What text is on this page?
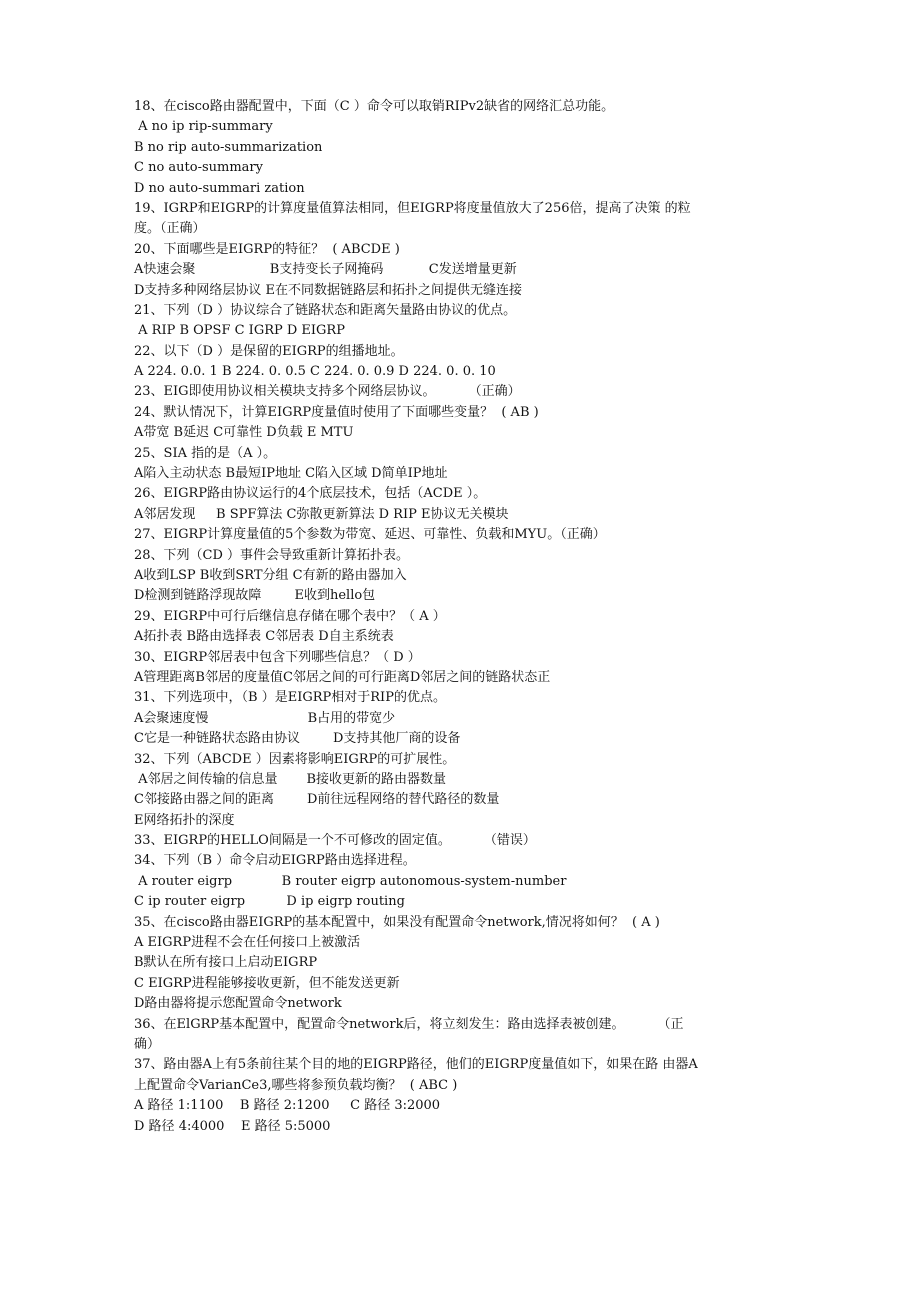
18、在cisco路由器配置中，下面（C ）命令可以取销RIPv2缺省的网络汇总功能。
A no ip rip-summary
B no rip auto-summarization
C no auto-summary
D no auto-summari zation
19、IGRP和EIGRP的计算度量值算法相同，但EIGRP将度量值放大了256倍，提高了决策 的粒
度。（正确）
20、下面哪些是EIGRP的特征？  ( ABCDE )
A快速会聚                  B支持变长子网掩码           C发送增量更新
D支持多种网络层协议 E在不同数据链路层和拓扑之间提供无缝连接
21、下列（D ）协议综合了链路状态和距离矢量路由协议的优点。
A RIP B OPSF C IGRP D EIGRP
22、以下（D ）是保留的EIGRP的组播地址。
A 224. 0.0. 1 B 224. 0. 0.5 C 224. 0. 0.9 D 224. 0. 0. 10
23、EIG即使用协议相关模块支持多个网络层协议。        （正确）
24、默认情况下，计算EIGRP度量值时使用了下面哪些变量？  ( AB )
A带宽 B延迟 C可靠性 D负载 E MTU
25、SIA 指的是（A ）。
A陷入主动状态 B最短IP地址 C陷入区域 D简单IP地址
26、EIGRP路由协议运行的4个底层技术，包括（ACDE ）。
A邻居发现     B SPF算法 C弥散更新算法 D RIP E协议无关模块
27、EIGRP计算度量值的5个参数为带宽、延迟、可靠性、负载和MYU。（正确）
28、下列（CD ）事件会导致重新计算拓扑表。
A收到LSP B收到SRT分组 C有新的路由器加入
D检测到链路浮现故障        E收到hello包
29、EIGRP中可行后继信息存储在哪个表中？（ A ）
A拓扑表 B路由选择表 C邻居表 D自主系统表
30、EIGRP邻居表中包含下列哪些信息？（ D ）
A管理距离B邻居的度量值C邻居之间的可行距离D邻居之间的链路状态正
31、下列选项中，（B ）是EIGRP相对于RIP的优点。
A会聚速度慢                        B占用的带宽少
C它是一种链路状态路由协议        D支持其他厂商的设备
32、下列（ABCDE ）因素将影响EIGRP的可扩展性。
A邻居之间传输的信息量       B接收更新的路由器数量
C邻接路由器之间的距离        D前往远程网络的替代路径的数量
E网络拓扑的深度
33、EIGRP的HELLO间隔是一个不可修改的固定值。        （错误）
34、下列（B ）命令启动EIGRP路由选择进程。
A router eigrp            B router eigrp autonomous-system-number
C ip router eigrp          D ip eigrp routing
35、在cisco路由器EIGRP的基本配置中，如果没有配置命令network,情况将如何？  ( A )
A EIGRP进程不会在任何接口上被激活
B默认在所有接口上启动EIGRP
C EIGRP进程能够接收更新，但不能发送更新
D路由器将提示您配置命令network
36、在ElGRP基本配置中，配置命令network后，将立刻发生：路由选择表被创建。        （正
确）
37、路由器A上有5条前往某个目的地的EIGRP路径，他们的EIGRP度量值如下，如果在路 由器A
上配置命令VarianCe3,哪些将参预负载均衡？  ( ABC )
A 路径 1:1100    B 路径 2:1200     C 路径 3:2000
D 路径 4:4000    E 路径 5:5000
